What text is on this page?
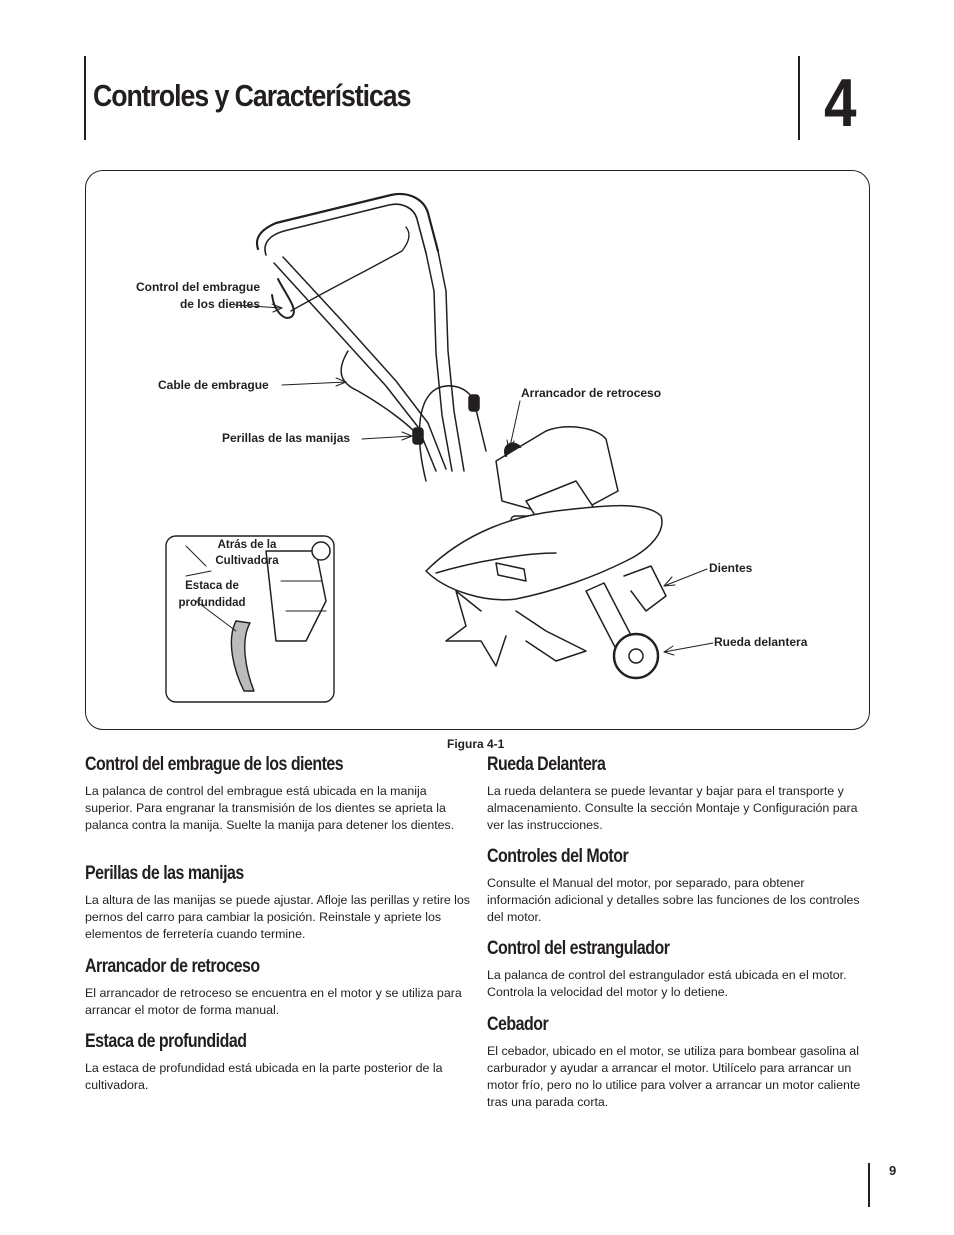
Controles y Características	4
Control del embrague
de los dientes
Cable de embrague
Perillas de las manijas
Arrancador de retroceso
Dientes
Rueda delantera
Atrás de la
Cultivadora
Estaca de
profundidad
Figura 4-1
Control del embrague de los dientes

La palanca de control del embrague está ubicada en la manija superior. Para engranar la transmisión de los dientes se aprieta la palanca contra la manija. Suelte la manija para detener los dientes.

Perillas de las manijas

La altura de las manijas se puede ajustar. Afloje las perillas y retire los pernos del carro para cambiar la posición. Reinstale y apriete los elementos de ferretería cuando termine.

Arrancador de retroceso

El arrancador de retroceso se encuentra en el motor y se utiliza para arrancar el motor de forma manual.

Estaca de profundidad

La estaca de profundidad está ubicada en la parte posterior de la cultivadora.

Rueda Delantera

La rueda delantera se puede levantar y bajar para el transporte y almacenamiento. Consulte la sección Montaje y Configuración para ver las instrucciones.

Controles del Motor

Consulte el Manual del motor, por separado, para obtener información adicional y detalles sobre las funciones de los controles del motor.

Control del estrangulador

La palanca de control del estrangulador está ubicada en el motor. Controla la velocidad del motor y lo detiene.

Cebador

El cebador, ubicado en el motor, se utiliza para bombear gasolina al carburador y ayudar a arrancar el motor. Utilícelo para arrancar un motor frío, pero no lo utilice para volver a arrancar un motor caliente tras una parada corta.

9
